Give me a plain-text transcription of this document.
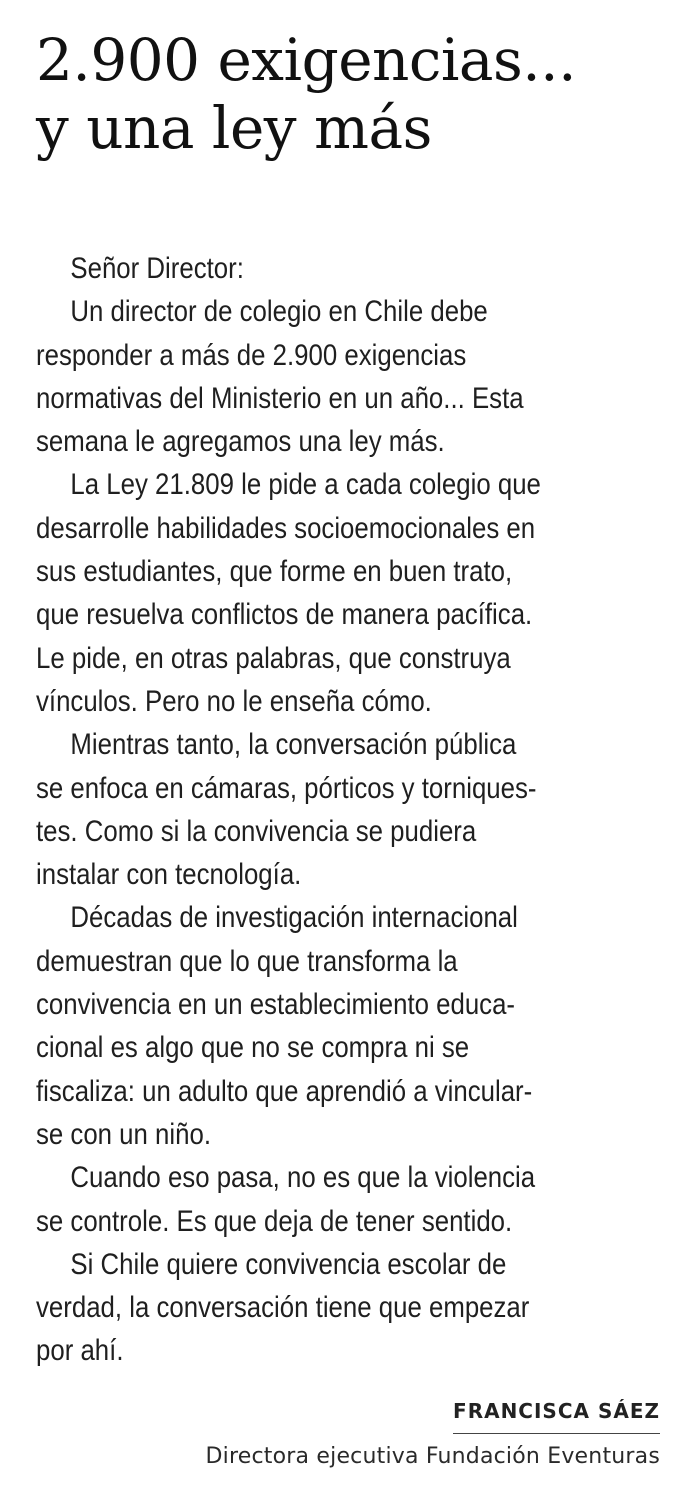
2.900 exigencias...
y una ley más

Señor Director:

Un director de colegio en Chile debe
responder a más de 2.900 exigencias
normativas del Ministerio en un año... Esta
semana le agregamos una ley más.

La Ley 21.809 le pide a cada colegio que
desarrolle habilidades socioemocionales en
sus estudiantes, que forme en buen trato,
que resuelva conflictos de manera pacífica.
Le pide, en otras palabras, que construya
vínculos. Pero no le enseña cómo.

Mientras tanto, la conversación pública
se enfoca en cámaras, pórticos y torniques-
tes. Como si la convivencia se pudiera
instalar con tecnología.

Décadas de investigación internacional
demuestran que lo que transforma la
convivencia en un establecimiento educa-
cional es algo que no se compra ni se
fiscaliza: un adulto que aprendió a vincular-
se con un niño.

Cuando eso pasa, no es que la violencia
se controle. Es que deja de tener sentido.

Si Chile quiere convivencia escolar de
verdad, la conversación tiene que empezar
por ahí.

FRANCISCA SÁEZ
Directora ejecutiva Fundación Eventuras
